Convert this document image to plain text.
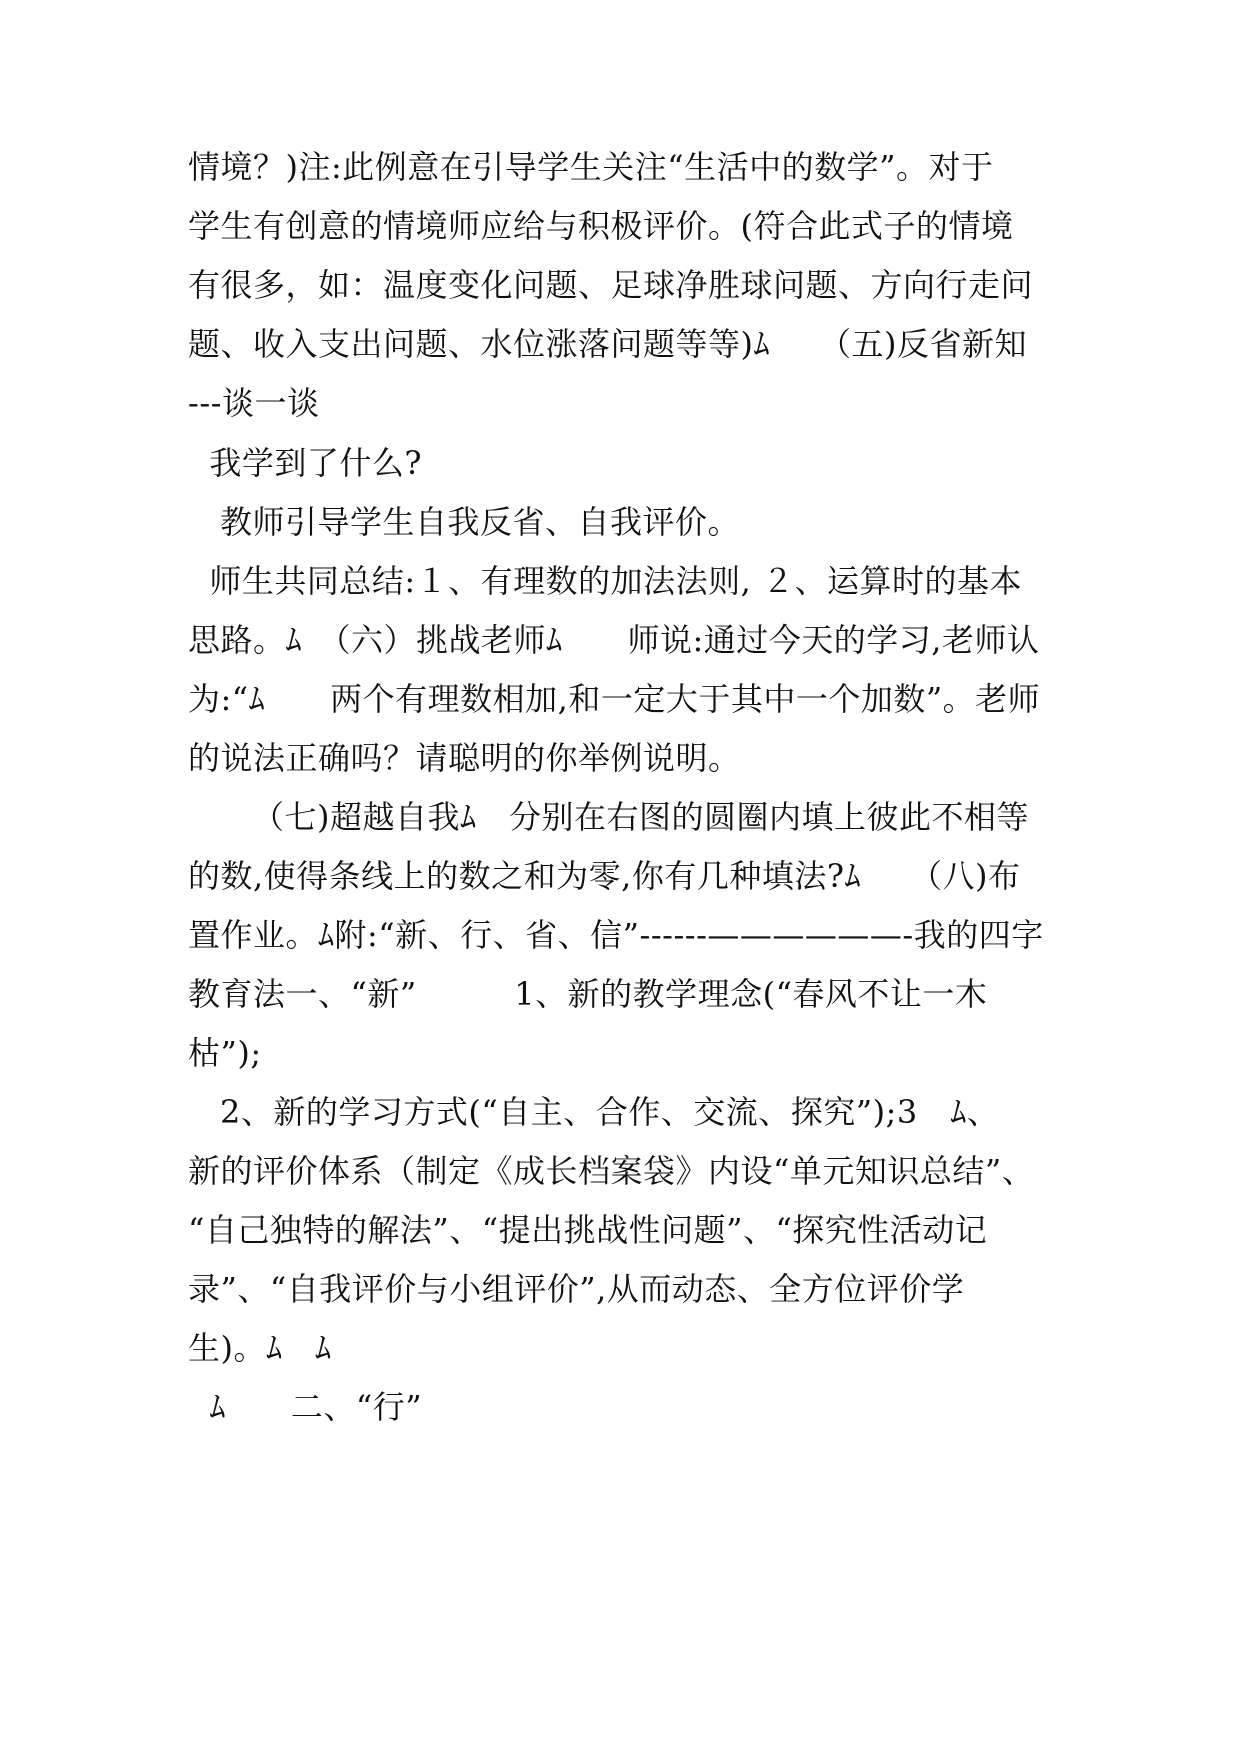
情境？)注:此例意在引导学生关注“生活中的数学”。对于
学生有创意的情境师应给与积极评价。(符合此式子的情境
有很多，如：温度变化问题、足球净胜球问题、方向行走问
题、收入支出问题、水位涨落问题等等)ﾑ　　（五)反省新知
---谈一谈
我学到了什么?
教师引导学生自我反省、自我评价。
师生共同总结:１、有理数的加法法则, ２、运算时的基本
思路。ﾑ　（六）挑战老师ﾑ　　师说:通过今天的学习,老师认
为:“ﾑ　　两个有理数相加,和一定大于其中一个加数”。老师
的说法正确吗？请聪明的你举例说明。
（七)超越自我ﾑ　分别在右图的圆圈内填上彼此不相等
的数,使得条线上的数之和为零,你有几种填法?ﾑ　　（八)布
置作业。ﾑ附:“新、行、省、信”------——————-我的四字
教育法一、“新”　　　1、新的教学理念(“春风不让一木
枯”);
2、新的学习方式(“自主、合作、交流、探究”);3　ﾑ、
新的评价体系（制定《成长档案袋》内设“单元知识总结”、
“自己独特的解法”、“提出挑战性问题”、“探究性活动记
录”、“自我评价与小组评价”,从而动态、全方位评价学
生)。ﾑ　ﾑ
ﾑ　　二、“行”
